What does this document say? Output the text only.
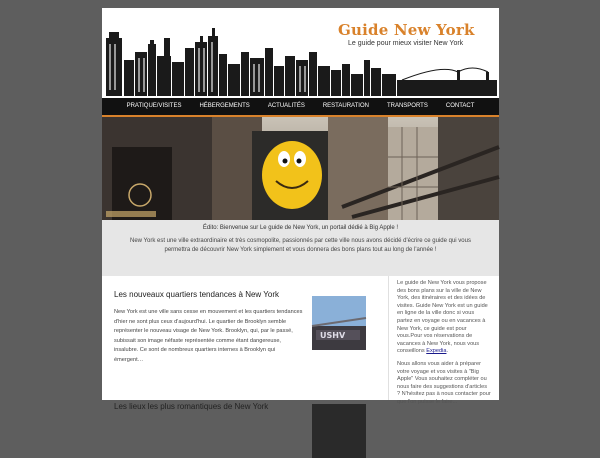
Guide New York
Le guide pour mieux visiter New York
PRATIQUE/VISITES	HÉBERGEMENTS	ACTUALITÉS	RESTAURATION	TRANSPORTS	CONTACT
Édito: Bienvenue sur Le guide de New York, un portail dédié à Big Apple !
New York est une ville extraordinaire et très cosmopolite, passionnés par cette ville nous avons décidé d'écrire ce guide qui vous permettra de découvrir New York simplement et vous donnera des bons plans tout au long de l'année !
Les nouveaux quartiers tendances à New York
New York est une ville sans cesse en mouvement et les quartiers tendances d'hier ne sont plus ceux d'aujourd'hui. Le quartier de Brooklyn semble représenter le nouveau visage de New York. Brooklyn, qui, par le passé, subissait son image néfaste représentée comme étant dangereuse, insalubre. Ce sont de nombreux quartiers internes à Brooklyn qui émergent…
USHV
Les lieux les plus romantiques de New York
Le guide de New York vous propose des bons plans sur la ville de New York, des itinéraires et des idées de visites. Guide New York est un guide en ligne de la ville donc si vous partez en voyage ou en vacances à New York, ce guide est pour vous.Pour vos réservations de vacances à New York, nous vous conseillons Expedia.
Nous allons vous aider à préparer votre voyage et vos visites à "Big Apple" Vous souhaitez compléter ou nous faire des suggestions d'articles ? N'hésitez pas à nous contacter pour que l'on puisse le faire...
